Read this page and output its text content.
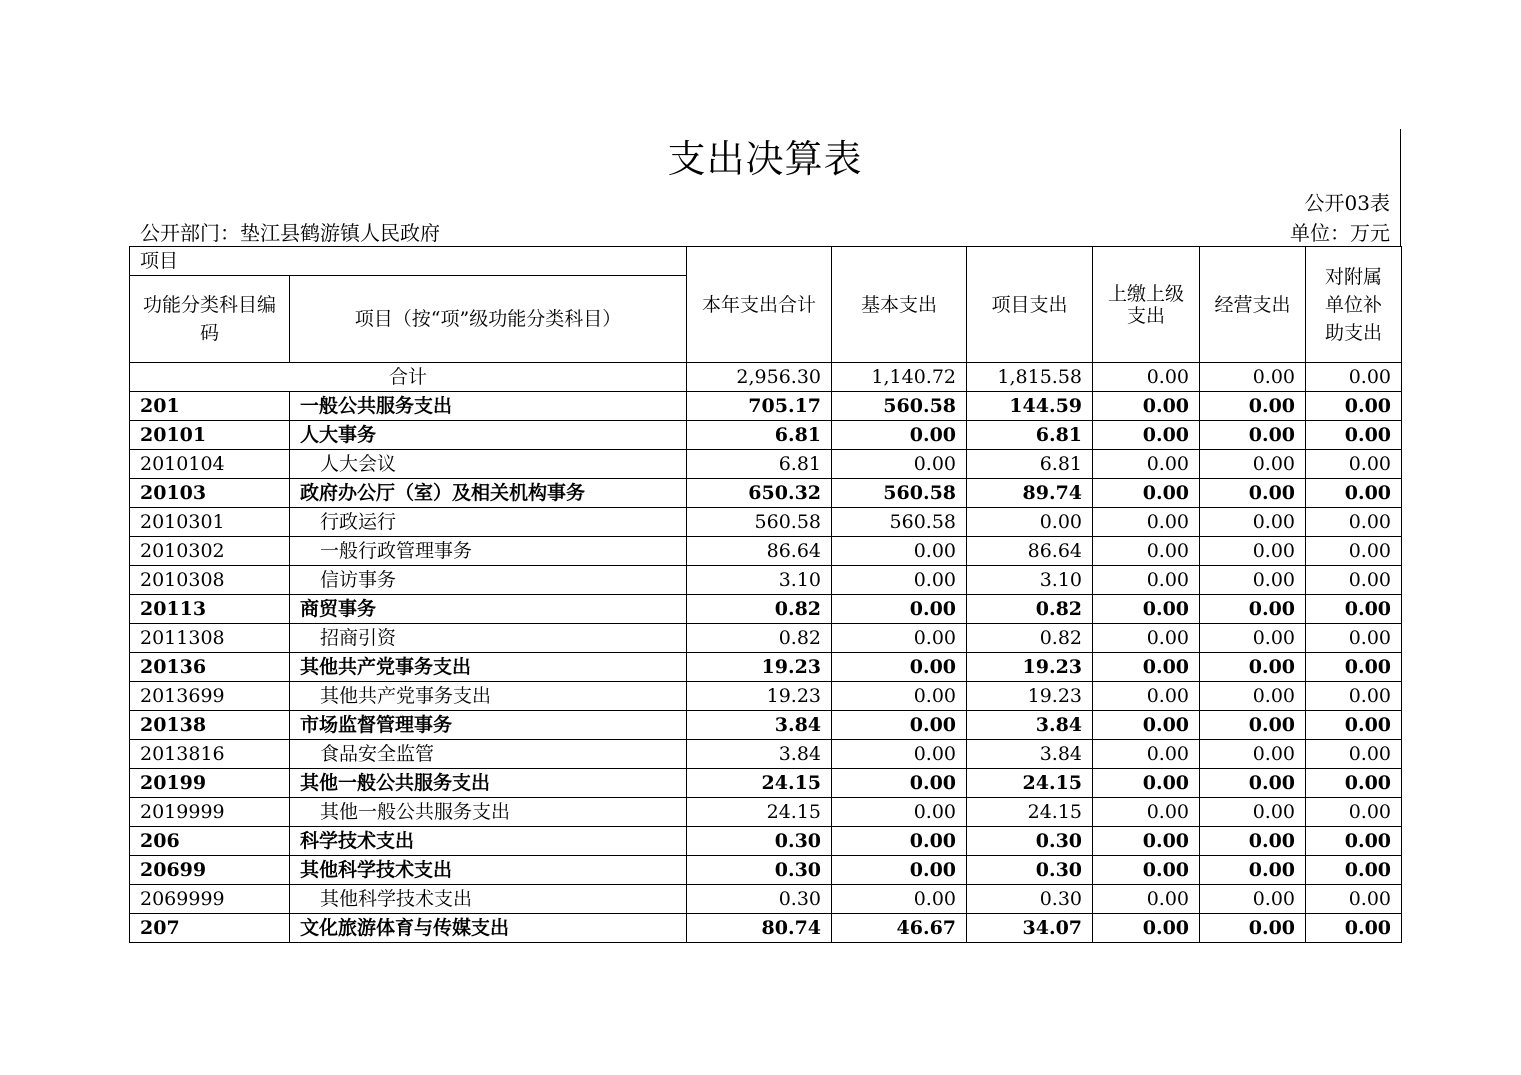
支出决算表
公开03表
公开部门：垫江县鹤游镇人民政府	单位：万元
项目		本年支出合计	基本支出	项目支出	上缴上级支出	经营支出	对附属单位补助支出
功能分类科目编码	项目（按“项”级功能分类科目）						
合计		2,956.30	1,140.72	1,815.58	0.00	0.00	0.00
201	一般公共服务支出	705.17	560.58	144.59	0.00	0.00	0.00
20101	人大事务	6.81	0.00	6.81	0.00	0.00	0.00
2010104	人大会议	6.81	0.00	6.81	0.00	0.00	0.00
20103	政府办公厅（室）及相关机构事务	650.32	560.58	89.74	0.00	0.00	0.00
2010301	行政运行	560.58	560.58	0.00	0.00	0.00	0.00
2010302	一般行政管理事务	86.64	0.00	86.64	0.00	0.00	0.00
2010308	信访事务	3.10	0.00	3.10	0.00	0.00	0.00
20113	商贸事务	0.82	0.00	0.82	0.00	0.00	0.00
2011308	招商引资	0.82	0.00	0.82	0.00	0.00	0.00
20136	其他共产党事务支出	19.23	0.00	19.23	0.00	0.00	0.00
2013699	其他共产党事务支出	19.23	0.00	19.23	0.00	0.00	0.00
20138	市场监督管理事务	3.84	0.00	3.84	0.00	0.00	0.00
2013816	食品安全监管	3.84	0.00	3.84	0.00	0.00	0.00
20199	其他一般公共服务支出	24.15	0.00	24.15	0.00	0.00	0.00
2019999	其他一般公共服务支出	24.15	0.00	24.15	0.00	0.00	0.00
206	科学技术支出	0.30	0.00	0.30	0.00	0.00	0.00
20699	其他科学技术支出	0.30	0.00	0.30	0.00	0.00	0.00
2069999	其他科学技术支出	0.30	0.00	0.30	0.00	0.00	0.00
207	文化旅游体育与传媒支出	80.74	46.67	34.07	0.00	0.00	0.00
